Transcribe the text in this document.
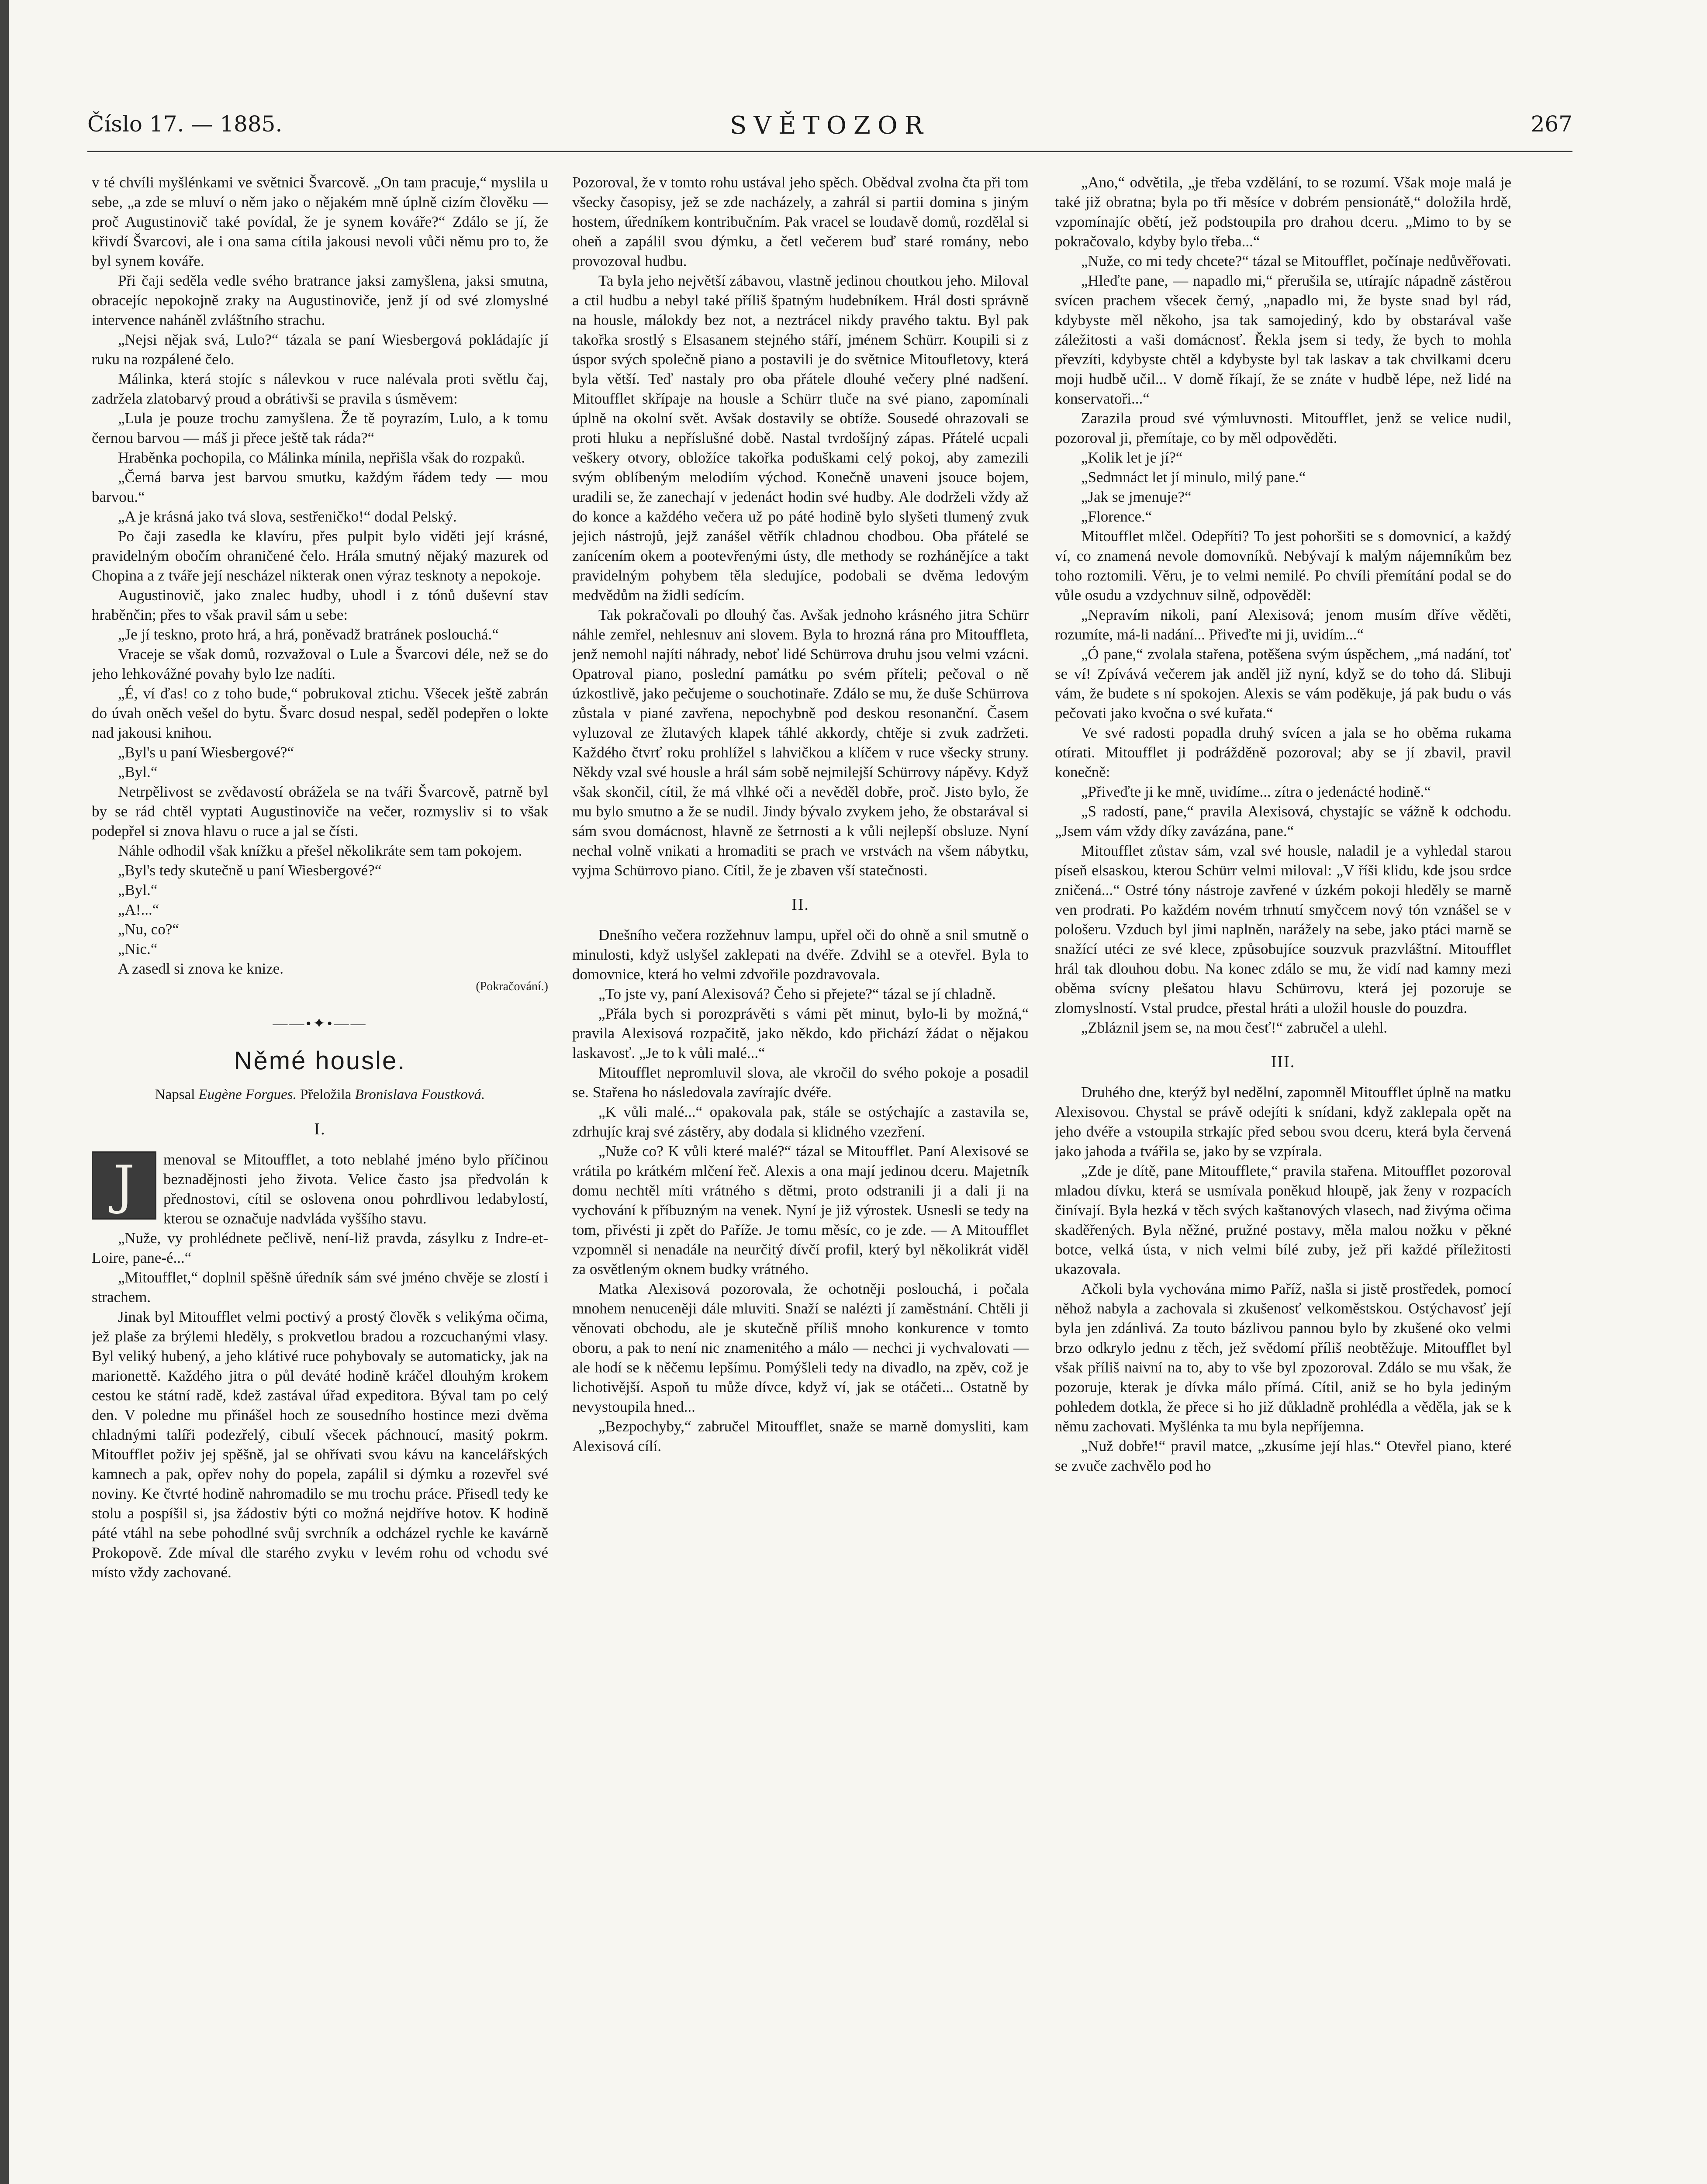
Číslo 17. — 1885.	SVĚTOZOR	267

v té chvíli myšlénkami ve světnici Švarcově. „On tam pracuje,“ myslila u sebe, „a zde se mluví o něm jako o nějakém mně úplně cizím člověku — proč Augustinovič také povídal, že je synem kováře?“ Zdálo se jí, že křivdí Švarcovi, ale i ona sama cítila jakousi nevoli vůči němu pro to, že byl synem kováře.

Při čaji seděla vedle svého bratrance jaksi zamyšlena, jaksi smutna, obracejíc nepokojně zraky na Augustinoviče, jenž jí od své zlomyslné intervence naháněl zvláštního strachu.

„Nejsi nějak svá, Lulo?“ tázala se paní Wiesbergová pokládajíc jí ruku na rozpálené čelo.

Málinka, která stojíc s nálevkou v ruce nalévala proti světlu čaj, zadržela zlatobarvý proud a obrátivši se pravila s úsměvem:

„Lula je pouze trochu zamyšlena. Že tě poyrazím, Lulo, a k tomu černou barvou — máš ji přece ještě tak ráda?“

Hraběnka pochopila, co Málinka mínila, nepřišla však do rozpaků.

„Černá barva jest barvou smutku, každým řádem tedy — mou barvou.“

„A je krásná jako tvá slova, sestřeničko!“ dodal Pelský.

Po čaji zasedla ke klavíru, přes pulpit bylo viděti její krásné, pravidelným obočím ohraničené čelo. Hrála smutný nějaký mazurek od Chopina a z tváře její nescházel nikterak onen výraz tesknoty a nepokoje.

Augustinovič, jako znalec hudby, uhodl i z tónů duševní stav hraběnčin; přes to však pravil sám u sebe:

„Je jí teskno, proto hrá, a hrá, poněvadž bratránek poslouchá.“

Vraceje se však domů, rozvažoval o Lule a Švarcovi déle, než se do jeho lehkovážné povahy bylo lze nadíti.

„É, ví ďas! co z toho bude,“ pobrukoval ztichu. Všecek ještě zabrán do úvah oněch vešel do bytu. Švarc dosud nespal, seděl podepřen o lokte nad jakousi knihou.

„Byl's u paní Wiesbergové?“

„Byl.“

Netrpělivost se zvědavostí obrážela se na tváři Švarcově, patrně byl by se rád chtěl vyptati Augustinoviče na večer, rozmysliv si to však podepřel si znova hlavu o ruce a jal se čísti.

Náhle odhodil však knížku a přešel několikráte sem tam pokojem.

„Byl's tedy skutečně u paní Wiesbergové?“

„Byl.“

„A!...“

„Nu, co?“

„Nic.“

A zasedl si znova ke knize.

(Pokračování.)
——•✦•——
Němé housle.
Napsal Eugène Forgues. Přeložila Bronislava Foustková.
I.

J	menoval se Mitoufflet, a toto neblahé jméno bylo příčinou beznadějnosti jeho života. Velice často jsa předvolán k přednostovi, cítil se oslovena onou pohrdlivou ledabylostí, kterou se označuje nadvláda vyššího stavu.

„Nuže, vy prohlédnete pečlivě, není-liž pravda, zásylku z Indre-et-Loire, pane-é...“

„Mitoufflet,“ doplnil spěšně úředník sám své jméno chvěje se zlostí i strachem.

Jinak byl Mitoufflet velmi poctivý a prostý člověk s velikýma očima, jež plaše za brýlemi hleděly, s prokvetlou bradou a rozcuchanými vlasy. Byl veliký hubený, a jeho klátivé ruce pohybovaly se automaticky, jak na marionettě. Každého jitra o půl deváté hodině kráčel dlouhým krokem cestou ke státní radě, kdež zastával úřad expeditora. Býval tam po celý den. V poledne mu přinášel hoch ze sousedního hostince mezi dvěma chladnými talíři podezřelý, cibulí všecek páchnoucí, masitý pokrm. Mitoufflet poživ jej spěšně, jal se ohřívati svou kávu na kancelářských kamnech a pak, opřev nohy do popela, zapálil si dýmku a rozevřel své noviny. Ke čtvrté hodině nahromadilo se mu trochu práce. Přisedl tedy ke stolu a pospíšil si, jsa žádostiv býti co možná nejdříve hotov. K hodině páté vtáhl na sebe pohodlné svůj svrchník a odcházel rychle ke kavárně Prokopově. Zde míval dle starého zvyku v levém rohu od vchodu své místo vždy zachované.

Pozoroval, že v tomto rohu ustával jeho spěch. Obědval zvolna čta při tom všecky časopisy, jež se zde nacházely, a zahrál si partii domina s jiným hostem, úředníkem kontribučním. Pak vracel se loudavě domů, rozdělal si oheň a zapálil svou dýmku, a četl večerem buď staré romány, nebo provozoval hudbu.

Ta byla jeho největší zábavou, vlastně jedinou choutkou jeho. Miloval a ctil hudbu a nebyl také příliš špatným hudebníkem. Hrál dosti správně na housle, málokdy bez not, a neztrácel nikdy pravého taktu. Byl pak takořka srostlý s Elsasanem stejného stáří, jménem Schürr. Koupili si z úspor svých společně piano a postavili je do světnice Mitoufletovy, která byla větší. Teď nastaly pro oba přátele dlouhé večery plné nadšení. Mitoufflet skřípaje na housle a Schürr tluče na své piano, zapomínali úplně na okolní svět. Avšak dostavily se obtíže. Sousedé ohrazovali se proti hluku a nepříslušné době. Nastal tvrdošíjný zápas. Přátelé ucpali veškery otvory, obložíce takořka poduškami celý pokoj, aby zamezili svým oblíbeným melodiím východ. Konečně unaveni jsouce bojem, uradili se, že zanechají v jedenáct hodin své hudby. Ale dodrželi vždy až do konce a každého večera už po páté hodině bylo slyšeti tlumený zvuk jejich nástrojů, jejž zanášel větřík chladnou chodbou. Oba přátelé se zanícením okem a pootevřenými ústy, dle methody se rozhánějíce a takt pravidelným pohybem těla sledujíce, podobali se dvěma ledovým medvědům na židli sedícím.

Tak pokračovali po dlouhý čas. Avšak jednoho krásného jitra Schürr náhle zemřel, nehlesnuv ani slovem. Byla to hrozná rána pro Mitouffleta, jenž nemohl najíti náhrady, neboť lidé Schürrova druhu jsou velmi vzácni. Opatroval piano, poslední památku po svém příteli; pečoval o ně úzkostlivě, jako pečujeme o souchotinaře. Zdálo se mu, že duše Schürrova zůstala v piané zavřena, nepochybně pod deskou resonanční. Časem vyluzoval ze žlutavých klapek táhlé akkordy, chtěje si zvuk zadržeti. Každého čtvrť roku prohlížel s lahvičkou a klíčem v ruce všecky struny. Někdy vzal své housle a hrál sám sobě nejmilejší Schürrovy nápěvy. Když však skončil, cítil, že má vlhké oči a nevěděl dobře, proč. Jisto bylo, že mu bylo smutno a že se nudil. Jindy bývalo zvykem jeho, že obstarával si sám svou domácnost, hlavně ze šetrnosti a k vůli nejlepší obsluze. Nyní nechal volně vnikati a hromaditi se prach ve vrstvách na všem nábytku, vyjma Schürrovo piano. Cítil, že je zbaven vší statečnosti.

II.

Dnešního večera rozžehnuv lampu, upřel oči do ohně a snil smutně o minulosti, když uslyšel zaklepati na dvéře. Zdvihl se a otevřel. Byla to domovnice, která ho velmi zdvořile pozdravovala.

„To jste vy, paní Alexisová? Čeho si přejete?“ tázal se jí chladně.

„Přála bych si porozprávěti s vámi pět minut, bylo-li by možná,“ pravila Alexisová rozpačitě, jako někdo, kdo přichází žádat o nějakou laskavosť. „Je to k vůli malé...“

Mitoufflet nepromluvil slova, ale vkročil do svého pokoje a posadil se. Stařena ho následovala zavírajíc dvéře.

„K vůli malé...“ opakovala pak, stále se ostýchajíc a zastavila se, zdrhujíc kraj své zástěry, aby dodala si klidného vzezření.

„Nuže co? K vůli které malé?“ tázal se Mitoufflet. Paní Alexisové se vrátila po krátkém mlčení řeč. Alexis a ona mají jedinou dceru. Majetník domu nechtěl míti vrátného s dětmi, proto odstranili ji a dali ji na vychování k příbuzným na venek. Nyní je již výrostek. Usnesli se tedy na tom, přivésti ji zpět do Paříže. Je tomu měsíc, co je zde. — A Mitoufflet vzpomněl si nenadále na neurčitý dívčí profil, který byl několikrát viděl za osvětleným oknem budky vrátného.

Matka Alexisová pozorovala, že ochotněji poslouchá, i počala mnohem nenuceněji dále mluviti. Snaží se nalézti jí zaměstnání. Chtěli ji věnovati obchodu, ale je skutečně příliš mnoho konkurence v tomto oboru, a pak to není nic znamenitého a málo — nechci ji vychvalovati — ale hodí se k něčemu lepšímu. Pomýšleli tedy na divadlo, na zpěv, což je lichotivější. Aspoň tu může dívce, když ví, jak se otáčeti... Ostatně by nevystoupila hned...

„Bezpochyby,“ zabručel Mitoufflet, snaže se marně domysliti, kam Alexisová cílí.

„Ano,“ odvětila, „je třeba vzdělání, to se rozumí. Však moje malá je také již obratna; byla po tři měsíce v dobrém pensionátě,“ doložila hrdě, vzpomínajíc obětí, jež podstoupila pro drahou dceru. „Mimo to by se pokračovalo, kdyby bylo třeba...“

„Nuže, co mi tedy chcete?“ tázal se Mitoufflet, počínaje nedůvěřovati.

„Hleďte pane, — napadlo mi,“ přerušila se, utírajíc nápadně zástěrou svícen prachem všecek černý, „napadlo mi, že byste snad byl rád, kdybyste měl někoho, jsa tak samojediný, kdo by obstarával vaše záležitosti a vaši domácnosť. Řekla jsem si tedy, že bych to mohla převzíti, kdybyste chtěl a kdybyste byl tak laskav a tak chvilkami dceru moji hudbě učil... V domě říkají, že se znáte v hudbě lépe, než lidé na konservatoři...“

Zarazila proud své výmluvnosti. Mitoufflet, jenž se velice nudil, pozoroval ji, přemítaje, co by měl odpověděti.

„Kolik let je jí?“

„Sedmnáct let jí minulo, milý pane.“

„Jak se jmenuje?“

„Florence.“

Mitoufflet mlčel. Odepříti? To jest pohoršiti se s domovnicí, a každý ví, co znamená nevole domovníků. Nebývají k malým nájemníkům bez toho roztomili. Věru, je to velmi nemilé. Po chvíli přemítání podal se do vůle osudu a vzdychnuv silně, odpověděl:

„Nepravím nikoli, paní Alexisová; jenom musím dříve věděti, rozumíte, má-li nadání... Přiveďte mi ji, uvidím...“

„Ó pane,“ zvolala stařena, potěšena svým úspěchem, „má nadání, toť se ví! Zpívává večerem jak anděl již nyní, když se do toho dá. Slibuji vám, že budete s ní spokojen. Alexis se vám poděkuje, já pak budu o vás pečovati jako kvočna o své kuřata.“

Ve své radosti popadla druhý svícen a jala se ho oběma rukama otírati. Mitoufflet ji podrážděně pozoroval; aby se jí zbavil, pravil konečně:

„Přiveďte ji ke mně, uvidíme... zítra o jedenácté hodině.“

„S radostí, pane,“ pravila Alexisová, chystajíc se vážně k odchodu. „Jsem vám vždy díky zavázána, pane.“

Mitoufflet zůstav sám, vzal své housle, naladil je a vyhledal starou píseň elsaskou, kterou Schürr velmi miloval: „V říši klidu, kde jsou srdce zničená...“ Ostré tóny nástroje zavřené v úzkém pokoji hleděly se marně ven prodrati. Po každém novém trhnutí smyčcem nový tón vznášel se v pološeru. Vzduch byl jimi naplněn, narážely na sebe, jako ptáci marně se snažící utéci ze své klece, způsobujíce souzvuk prazvláštní. Mitoufflet hrál tak dlouhou dobu. Na konec zdálo se mu, že vidí nad kamny mezi oběma svícny plešatou hlavu Schürrovu, která jej pozoruje se zlomyslností. Vstal prudce, přestal hráti a uložil housle do pouzdra.

„Zbláznil jsem se, na mou česť!“ zabručel a ulehl.

III.

Druhého dne, kterýž byl nedělní, zapomněl Mitoufflet úplně na matku Alexisovou. Chystal se právě odejíti k snídani, když zaklepala opět na jeho dvéře a vstoupila strkajíc před sebou svou dceru, která byla červená jako jahoda a tvářila se, jako by se vzpírala.

„Zde je dítě, pane Mitoufflete,“ pravila stařena. Mitoufflet pozoroval mladou dívku, která se usmívala poněkud hloupě, jak ženy v rozpacích činívají. Byla hezká v těch svých kaštanových vlasech, nad živýma očima skaděřených. Byla něžné, pružné postavy, měla malou nožku v pěkné botce, velká ústa, v nich velmi bílé zuby, jež při každé příležitosti ukazovala.

Ačkoli byla vychována mimo Paříž, našla si jistě prostředek, pomocí něhož nabyla a zachovala si zkušenosť velkoměstskou. Ostýchavosť její byla jen zdánlivá. Za touto bázlivou pannou bylo by zkušené oko velmi brzo odkrylo jednu z těch, jež svědomí příliš neobtěžuje. Mitoufflet byl však příliš naivní na to, aby to vše byl zpozoroval. Zdálo se mu však, že pozoruje, kterak je dívka málo přímá. Cítil, aniž se ho byla jediným pohledem dotkla, že přece si ho již důkladně prohlédla a věděla, jak se k němu zachovati. Myšlénka ta mu byla nepříjemna.

„Nuž dobře!“ pravil matce, „zkusíme její hlas.“ Otevřel piano, které se zvuče zachvělo pod ho
